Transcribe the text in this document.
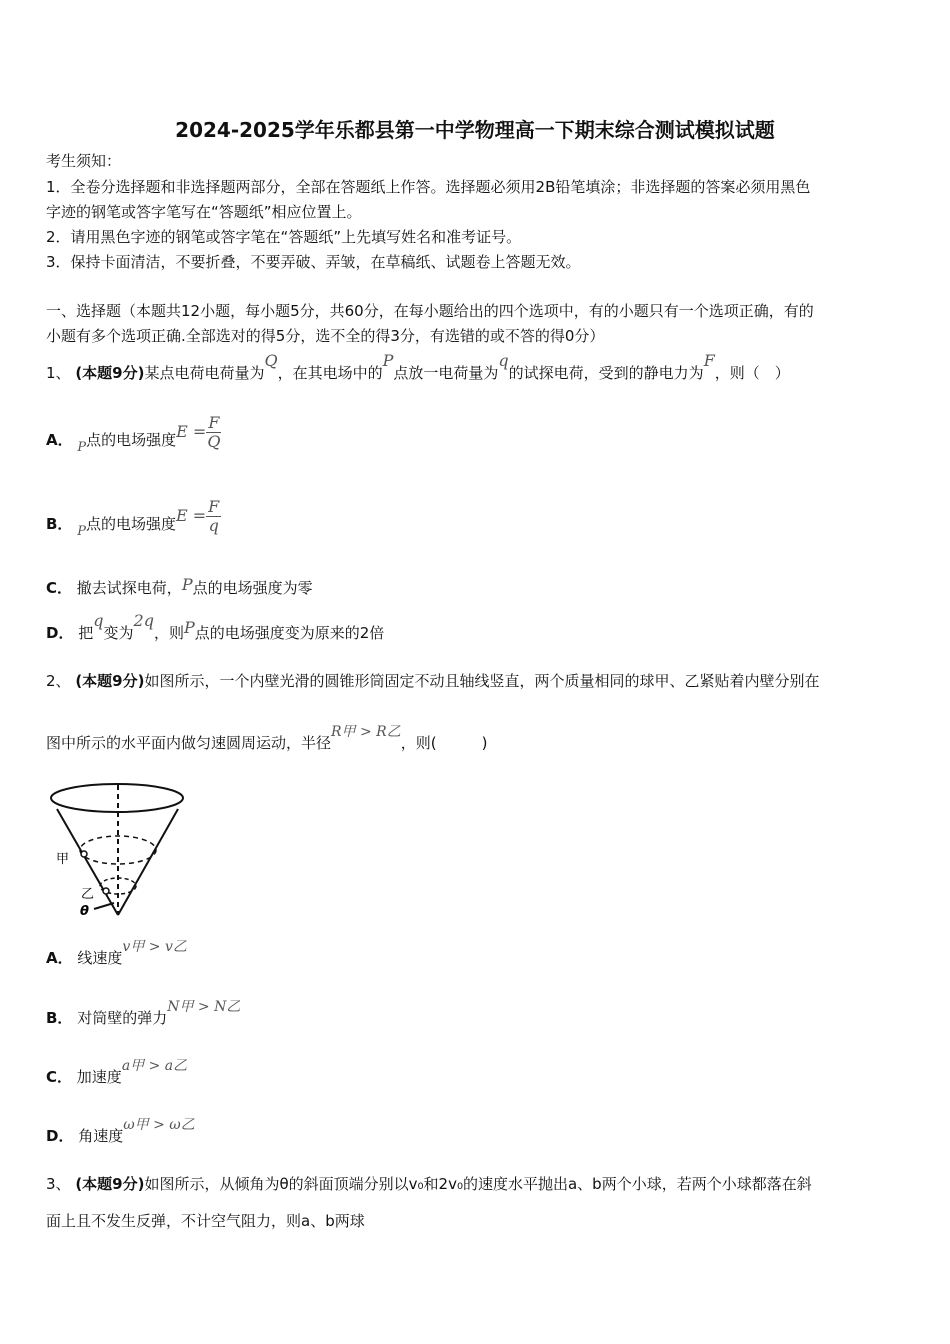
2024-2025学年乐都县第一中学物理高一下期末综合测试模拟试题
考生须知：
1．全卷分选择题和非选择题两部分，全部在答题纸上作答。选择题必须用2B铅笔填涂；非选择题的答案必须用黑色
字迹的钢笔或答字笔写在“答题纸”相应位置上。
2．请用黑色字迹的钢笔或答字笔在“答题纸”上先填写姓名和准考证号。
3．保持卡面清洁，不要折叠，不要弄破、弄皱，在草稿纸、试题卷上答题无效。
一、选择题（本题共12小题，每小题5分，共60分，在每小题给出的四个选项中，有的小题只有一个选项正确，有的
小题有多个选项正确.全部选对的得5分，选不全的得3分，有选错的或不答的得0分）
1、 (本题9分)某点电荷电荷量为Q，在其电场中的P点放一电荷量为q的试探电荷，受到的静电力为F，则（　）
A． P点的电场强度$E = \frac{F}{Q}$
B． P点的电场强度$E = \frac{F}{q}$
C． 撤去试探电荷，P点的电场强度为零
D． 把q变为2q，则P点的电场强度变为原来的2倍
2、 (本题9分)如图所示，一个内壁光滑的圆锥形筒固定不动且轴线竖直，两个质量相同的球甲、乙紧贴着内壁分别在
图中所示的水平面内做匀速圆周运动，半径R甲 > R乙，则(　　　)
甲
乙
θ
A． 线速度v甲 > v乙
B． 对筒壁的弹力N甲 > N乙
C． 加速度a甲 > a乙
D． 角速度ω甲 > ω乙
3、 (本题9分)如图所示，从倾角为θ的斜面顶端分别以v₀和2v₀的速度水平抛出a、b两个小球，若两个小球都落在斜
面上且不发生反弹，不计空气阻力，则a、b两球
